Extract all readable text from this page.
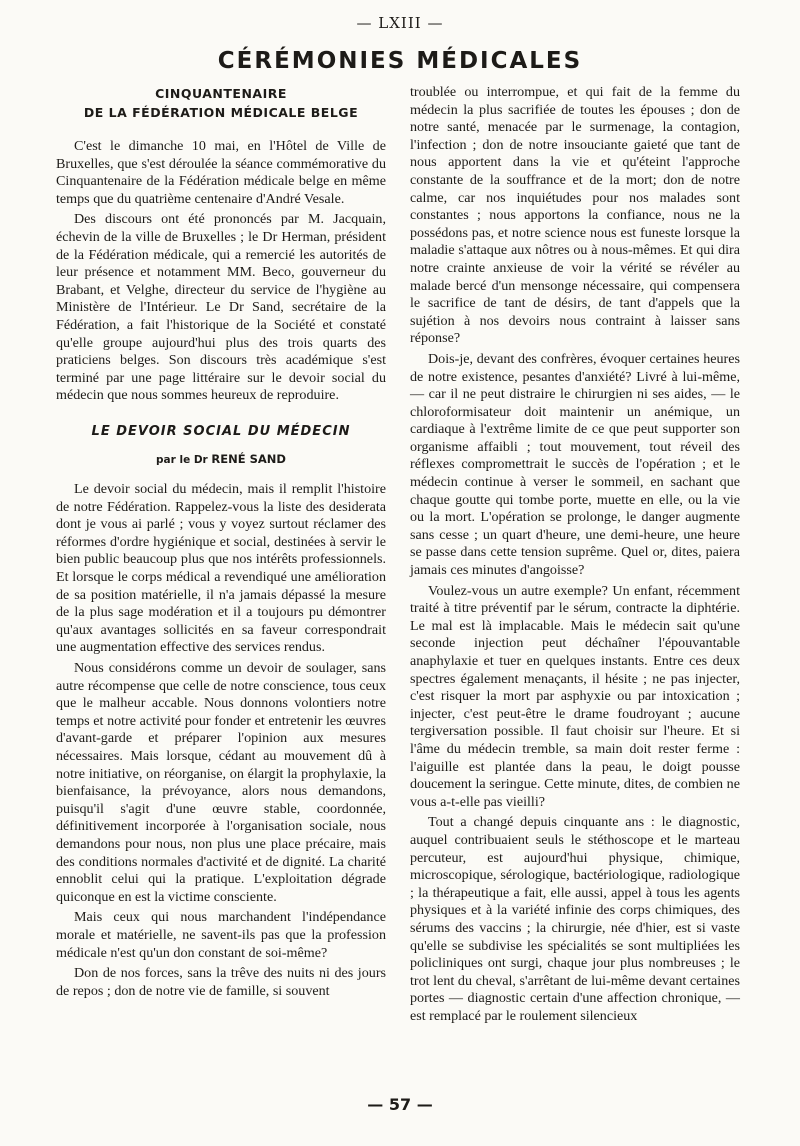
— LXIII —
CÉRÉMONIES MÉDICALES
CINQUANTENAIRE
DE LA FÉDÉRATION MÉDICALE BELGE

C'est le dimanche 10 mai, en l'Hôtel de Ville de Bruxelles, que s'est déroulée la séance commémorative du Cinquantenaire de la Fédération médicale belge en même temps que du quatrième centenaire d'André Vesale.

Des discours ont été prononcés par M. Jacquain, échevin de la ville de Bruxelles ; le Dr Herman, président de la Fédération médicale, qui a remercié les autorités de leur présence et notamment MM. Beco, gouverneur du Brabant, et Velghe, directeur du service de l'hygiène au Ministère de l'Intérieur. Le Dr Sand, secrétaire de la Fédération, a fait l'historique de la Société et constaté qu'elle groupe aujourd'hui plus des trois quarts des praticiens belges. Son discours très académique s'est terminé par une page littéraire sur le devoir social du médecin que nous sommes heureux de reproduire.

LE DEVOIR SOCIAL DU MÉDECIN
par le Dr RENÉ SAND

Le devoir social du médecin, mais il remplit l'histoire de notre Fédération. Rappelez-vous la liste des desiderata dont je vous ai parlé ; vous y voyez surtout réclamer des réformes d'ordre hygiénique et social, destinées à servir le bien public beaucoup plus que nos intérêts professionnels. Et lorsque le corps médical a revendiqué une amélioration de sa position matérielle, il n'a jamais dépassé la mesure de la plus sage modération et il a toujours pu démontrer qu'aux avantages sollicités en sa faveur correspondrait une augmentation effective des services rendus.

Nous considérons comme un devoir de soulager, sans autre récompense que celle de notre conscience, tous ceux que le malheur accable. Nous donnons volontiers notre temps et notre activité pour fonder et entretenir les œuvres d'avant-garde et préparer l'opinion aux mesures nécessaires. Mais lorsque, cédant au mouvement dû à notre initiative, on réorganise, on élargit la prophylaxie, la bienfaisance, la prévoyance, alors nous demandons, puisqu'il s'agit d'une œuvre stable, coordonnée, définitivement incorporée à l'organisation sociale, nous demandons pour nous, non plus une place précaire, mais des conditions normales d'activité et de dignité. La charité ennoblit celui qui la pratique. L'exploitation dégrade quiconque en est la victime consciente.

Mais ceux qui nous marchandent l'indépendance morale et matérielle, ne savent-ils pas que la profession médicale n'est qu'un don constant de soi-même?

Don de nos forces, sans la trêve des nuits ni des jours de repos ; don de notre vie de famille, si souvent

troublée ou interrompue, et qui fait de la femme du médecin la plus sacrifiée de toutes les épouses ; don de notre santé, menacée par le surmenage, la contagion, l'infection ; don de notre insouciante gaieté que tant de nous apportent dans la vie et qu'éteint l'approche constante de la souffrance et de la mort; don de notre calme, car nos inquiétudes pour nos malades sont constantes ; nous apportons la confiance, nous ne la possédons pas, et notre science nous est funeste lorsque la maladie s'attaque aux nôtres ou à nous-mêmes. Et qui dira notre crainte anxieuse de voir la vérité se révéler au malade bercé d'un mensonge nécessaire, qui compensera le sacrifice de tant de désirs, de tant d'appels que la sujétion à nos devoirs nous contraint à laisser sans réponse?

Dois-je, devant des confrères, évoquer certaines heures de notre existence, pesantes d'anxiété? Livré à lui-même, — car il ne peut distraire le chirurgien ni ses aides, — le chloroformisateur doit maintenir un anémique, un cardiaque à l'extrême limite de ce que peut supporter son organisme affaibli ; tout mouvement, tout réveil des réflexes compromettrait le succès de l'opération ; et le médecin continue à verser le sommeil, en sachant que chaque goutte qui tombe porte, muette en elle, ou la vie ou la mort. L'opération se prolonge, le danger augmente sans cesse ; un quart d'heure, une demi-heure, une heure se passe dans cette tension suprême. Quel or, dites, paiera jamais ces minutes d'angoisse?

Voulez-vous un autre exemple? Un enfant, récemment traité à titre préventif par le sérum, contracte la diphtérie. Le mal est là implacable. Mais le médecin sait qu'une seconde injection peut déchaîner l'épouvantable anaphylaxie et tuer en quelques instants. Entre ces deux spectres également menaçants, il hésite ; ne pas injecter, c'est risquer la mort par asphyxie ou par intoxication ; injecter, c'est peut-être le drame foudroyant ; aucune tergiversation possible. Il faut choisir sur l'heure. Et si l'âme du médecin tremble, sa main doit rester ferme : l'aiguille est plantée dans la peau, le doigt pousse doucement la seringue. Cette minute, dites, de combien ne vous a-t-elle pas vieilli?

Tout a changé depuis cinquante ans : le diagnostic, auquel contribuaient seuls le stéthoscope et le marteau percuteur, est aujourd'hui physique, chimique, microscopique, sérologique, bactériologique, radiologique ; la thérapeutique a fait, elle aussi, appel à tous les agents physiques et à la variété infinie des corps chimiques, des sérums des vaccins ; la chirurgie, née d'hier, est si vaste qu'elle se subdivise les spécialités se sont multipliées les policliniques ont surgi, chaque jour plus nombreuses ; le trot lent du cheval, s'arrêtant de lui-même devant certaines portes — diagnostic certain d'une affection chronique, — est remplacé par le roulement silencieux

— 57 —
